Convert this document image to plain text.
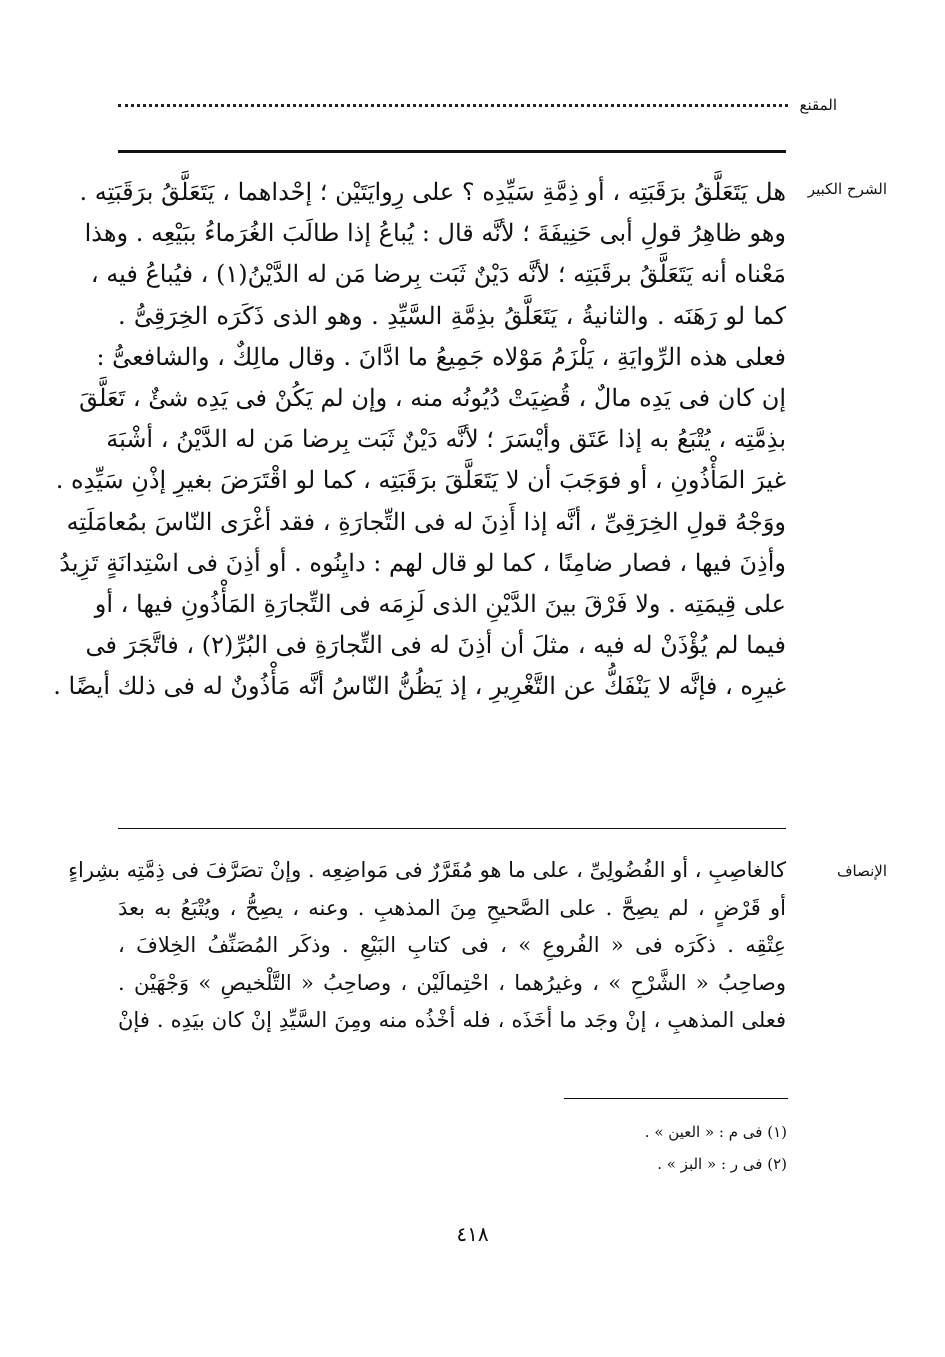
المقنع
الشرح الكبير
هل يَتَعَلَّقُ برَقَبَتِه ، أو ذِمَّةِ سَيِّدِه ؟ على رِوايَتَيْن ؛ إحْداهما ، يَتَعَلَّقُ برَقَبَتِه .
وهو ظاهِرُ قولِ أبى حَنِيفَةَ ؛ لأنَّه قال : يُباعُ إذا طالَبَ الغُرَماءُ ببَيْعِه . وهذا
مَعْناه أنه يَتَعَلَّقُ برقَبَتِه ؛ لأنَّه دَيْنٌ ثَبَت بِرضا مَن له الدَّيْنُ(١) ، فيُباعُ فيه ،
كما لو رَهَنَه . والثانيةُ ، يَتَعَلَّقُ بذِمَّةِ السَّيِّدِ . وهو الذى ذَكَرَه الخِرَقِىُّ .
فعلى هذه الرِّوايَةِ ، يَلْزَمُ مَوْلاه جَمِيعُ ما ادَّانَ . وقال مالِكٌ ، والشافعىُّ :
إن كان فى يَدِه مالٌ ، قُضِيَتْ دُيُونُه منه ، وإن لم يَكُنْ فى يَدِه شئٌ ، تَعَلَّقَ
بذِمَّتِه ، يُتْبَعُ به إذا عَتَق وأيْسَرَ ؛ لأنَّه دَيْنٌ ثَبَت بِرضا مَن له الدَّيْنُ ، أشْبَهَ
غيرَ المَأْذُونِ ، أو فوَجَبَ أن لا يَتَعَلَّقَ برَقَبَتِه ، كما لو اقْتَرَضَ بغيرِ إذْنِ سَيِّدِه .
ووَجْهُ قولِ الخِرَقِىِّ ، أنَّه إذا أَذِنَ له فى التِّجارَةِ ، فقد أغْرَى النّاسَ بمُعامَلَتِه
وأذِنَ فيها ، فصار ضامِنًا ، كما لو قال لهم : دايِنُوه . أو أذِنَ فى اسْتِدانَةٍ تَزِيدُ
على قِيمَتِه . ولا فَرْقَ بينَ الدَّيْنِ الذى لَزِمَه فى التِّجارَةِ المَأْذُونِ فيها ، أو
فيما لم يُؤْذَنْ له فيه ، مثلَ أن أذِنَ له فى التِّجارَةِ فى البُرِّ(٢) ، فاتَّجَرَ فى
غيرِه ، فإنَّه لا يَنْفَكُّ عن التَّغْرِيرِ ، إذ يَظُنُّ النّاسُ أنَّه مَأْذُونٌ له فى ذلك أيضًا .
الإنصاف
كالغاصِبِ ، أو الفُضُولِىِّ ، على ما هو مُقَرَّرٌ فى مَواضِعِه . وإنْ تصَرَّفَ فى ذِمَّتِه بشِراءٍ
أو قَرْضٍ ، لم يصِحَّ . على الصَّحيحِ مِنَ المذهبِ . وعنه ، يصِحُّ ، ويُتْبَعُ به بعدَ
عِتْقِه . ذكَرَه فى « الفُروعِ » ، فى كتابِ البَيْعِ . وذكَر المُصَنِّفُ الخِلافَ ،
وصاحِبُ « الشَّرْحِ » ، وغيرُهما ، احْتِمالَيْن ، وصاحِبُ « التَّلْخيصِ » وَجْهَيْن .
فعلى المذهبِ ، إنْ وجَد ما أخَذَه ، فله أخْذُه منه ومِنَ السَّيِّدِ إنْ كان بيَدِه . فإنْ
(١) فى م : « العين » .
(٢) فى ر : « البز » .
٤١٨
